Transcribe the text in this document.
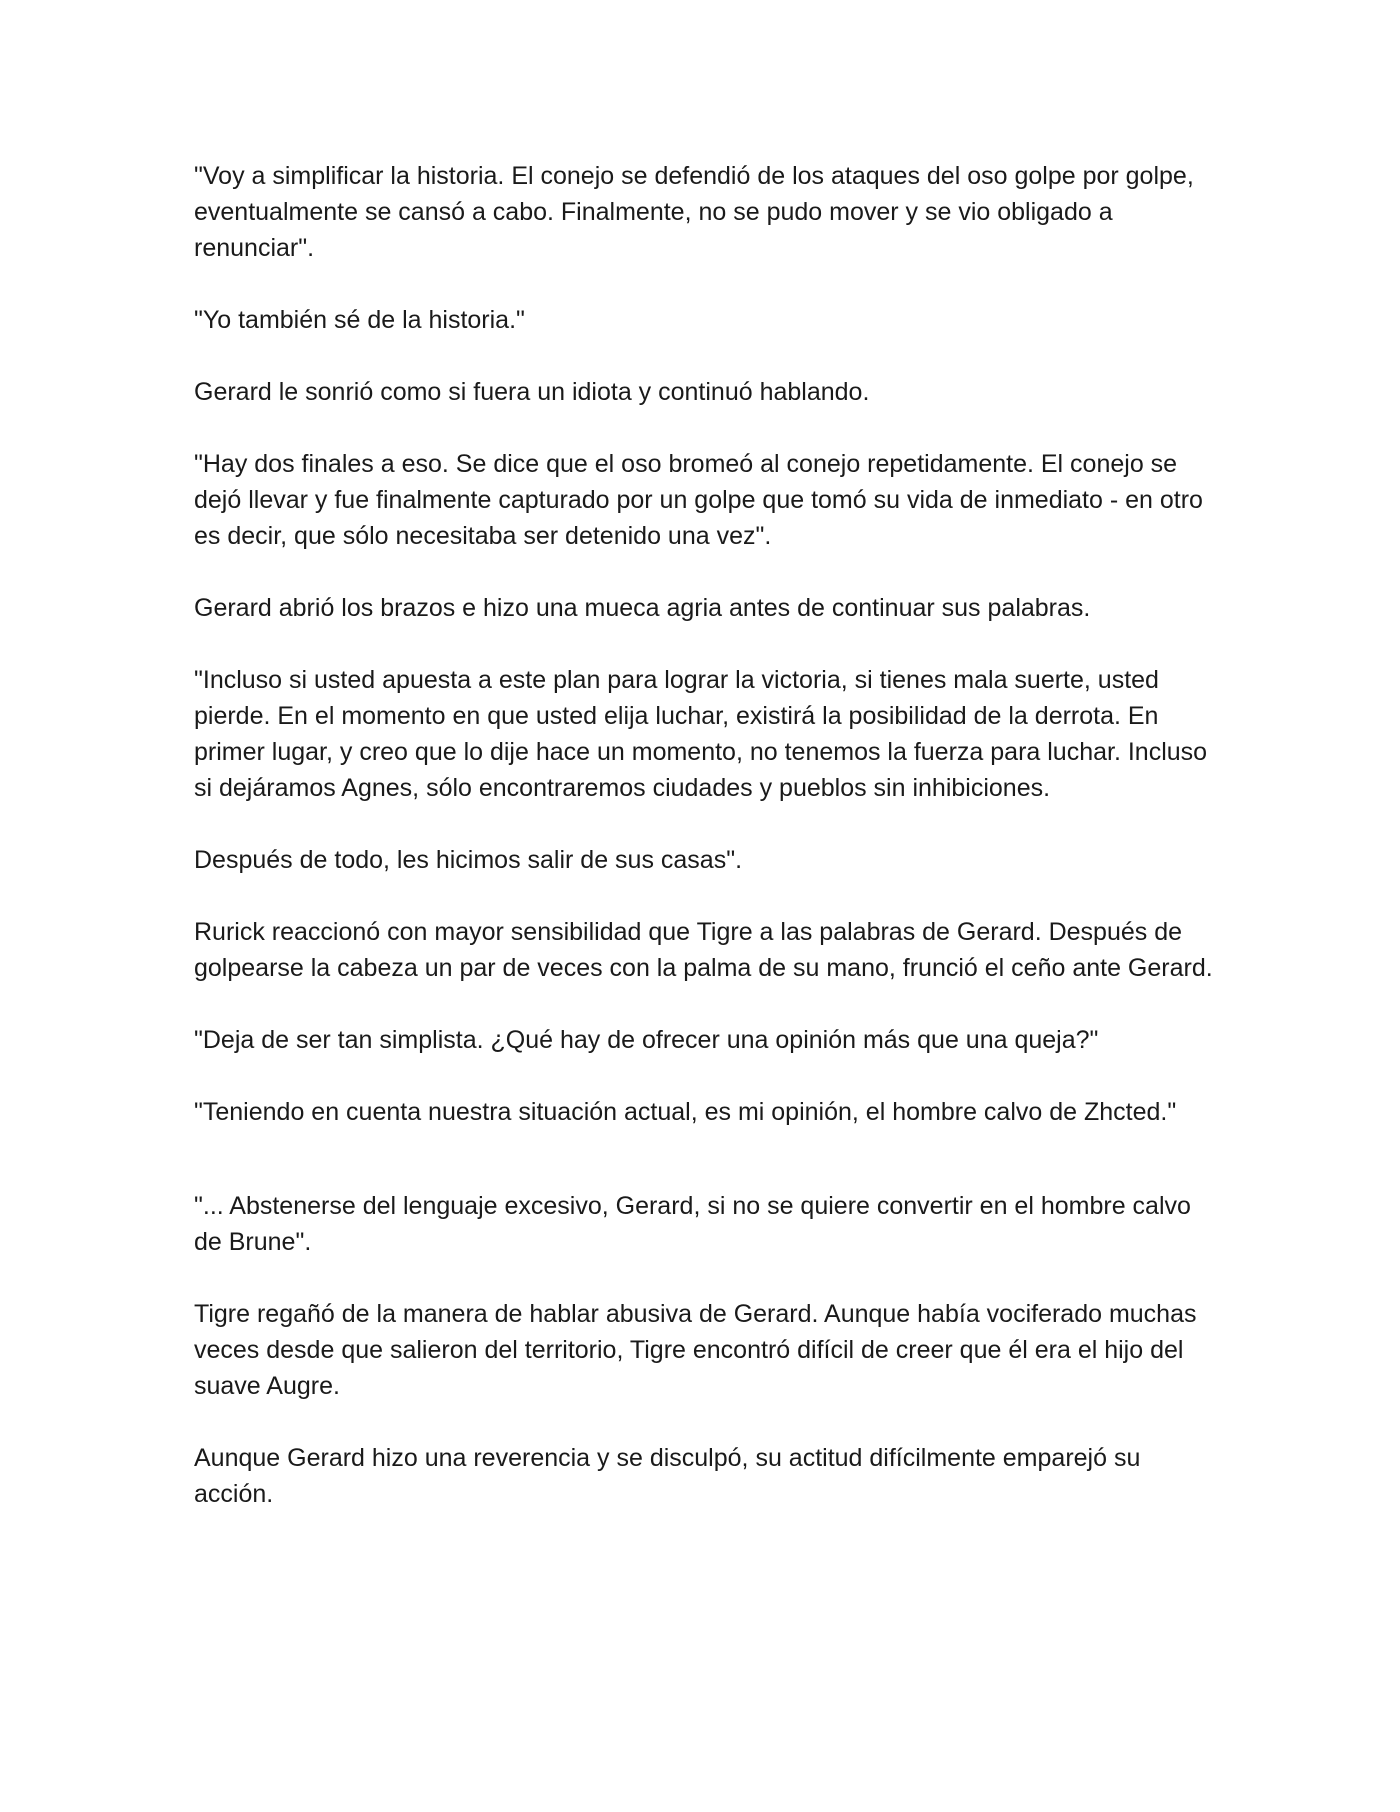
"Voy a simplificar la historia. El conejo se defendió de los ataques del oso golpe por golpe, eventualmente se cansó a cabo. Finalmente, no se pudo mover y se vio obligado a renunciar".

"Yo también sé de la historia."

Gerard le sonrió como si fuera un idiota y continuó hablando.

"Hay dos finales a eso. Se dice que el oso bromeó al conejo repetidamente. El conejo se dejó llevar y fue finalmente capturado por un golpe que tomó su vida de inmediato - en otro es decir, que sólo necesitaba ser detenido una vez".

Gerard abrió los brazos e hizo una mueca agria antes de continuar sus palabras.

"Incluso si usted apuesta a este plan para lograr la victoria, si tienes mala suerte, usted pierde. En el momento en que usted elija luchar, existirá la posibilidad de la derrota. En primer lugar, y creo que lo dije hace un momento, no tenemos la fuerza para luchar. Incluso si dejáramos Agnes, sólo encontraremos ciudades y pueblos sin inhibiciones.

Después de todo, les hicimos salir de sus casas".

Rurick reaccionó con mayor sensibilidad que Tigre a las palabras de Gerard. Después de golpearse la cabeza un par de veces con la palma de su mano, frunció el ceño ante Gerard.

"Deja de ser tan simplista. ¿Qué hay de ofrecer una opinión más que una queja?"

"Teniendo en cuenta nuestra situación actual, es mi opinión, el hombre calvo de Zhcted."

"... Abstenerse del lenguaje excesivo, Gerard, si no se quiere convertir en el hombre calvo de Brune".

Tigre regañó de la manera de hablar abusiva de Gerard. Aunque había vociferado muchas veces desde que salieron del territorio, Tigre encontró difícil de creer que él era el hijo del suave Augre.

Aunque Gerard hizo una reverencia y se disculpó, su actitud difícilmente emparejó su acción.
